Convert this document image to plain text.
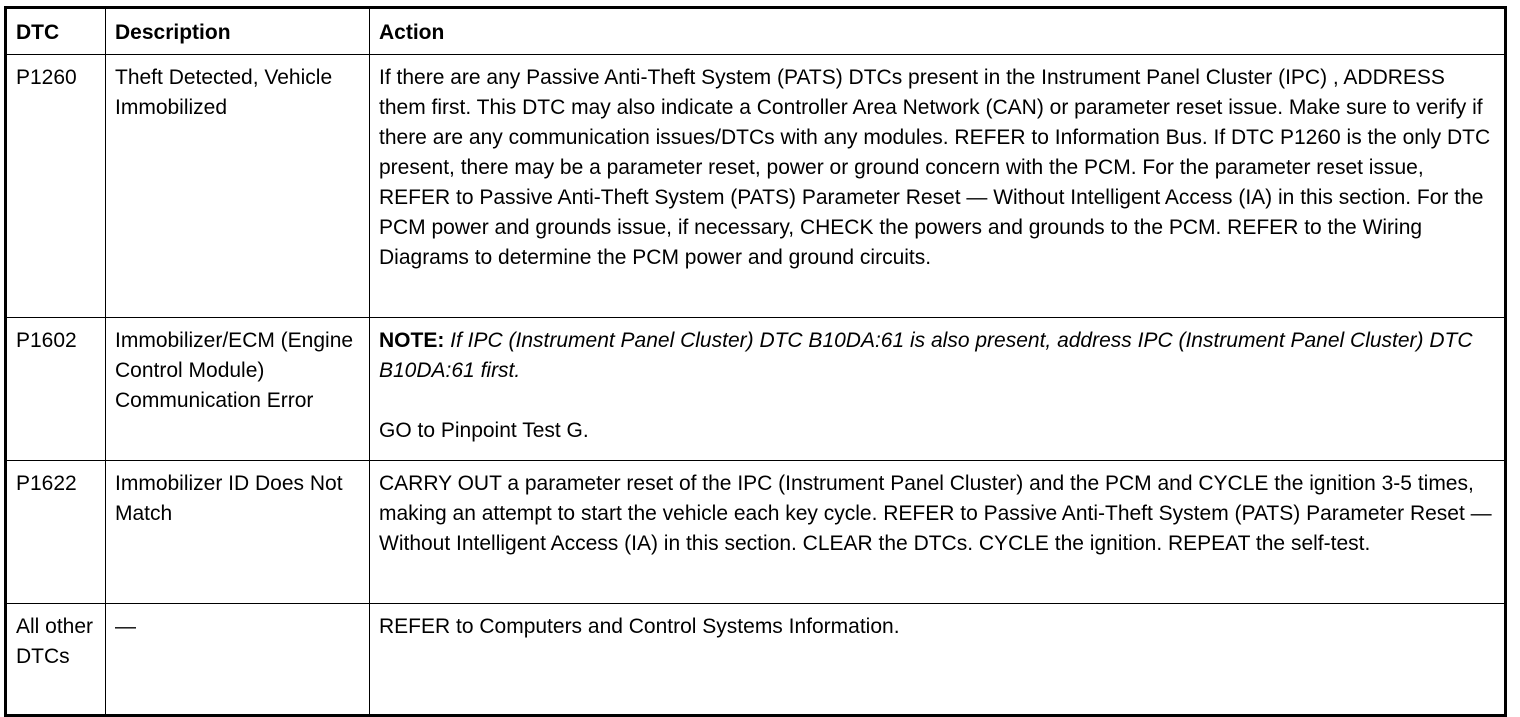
DTC	Description	Action
P1260	Theft Detected, Vehicle Immobilized	If there are any Passive Anti-Theft System (PATS) DTCs present in the Instrument Panel Cluster (IPC) , ADDRESS them first. This DTC may also indicate a Controller Area Network (CAN) or parameter reset issue. Make sure to verify if there are any communication issues/DTCs with any modules. REFER to Information Bus. If DTC P1260 is the only DTC present, there may be a parameter reset, power or ground concern with the PCM. For the parameter reset issue, REFER to Passive Anti-Theft System (PATS) Parameter Reset — Without Intelligent Access (IA) in this section. For the PCM power and grounds issue, if necessary, CHECK the powers and grounds to the PCM. REFER to the Wiring Diagrams to determine the PCM power and ground circuits.
P1602	Immobilizer/ECM (Engine Control Module) Communication Error	NOTE: If IPC (Instrument Panel Cluster) DTC B10DA:61 is also present, address IPC (Instrument Panel Cluster) DTC B10DA:61 first.
GO to Pinpoint Test G.

P1622	Immobilizer ID Does Not Match	CARRY OUT a parameter reset of the IPC (Instrument Panel Cluster) and the PCM and CYCLE the ignition 3-5 times, making an attempt to start the vehicle each key cycle. REFER to Passive Anti-Theft System (PATS) Parameter Reset — Without Intelligent Access (IA) in this section. CLEAR the DTCs. CYCLE the ignition. REPEAT the self-test.
All other DTCs	—	REFER to Computers and Control Systems Information.
